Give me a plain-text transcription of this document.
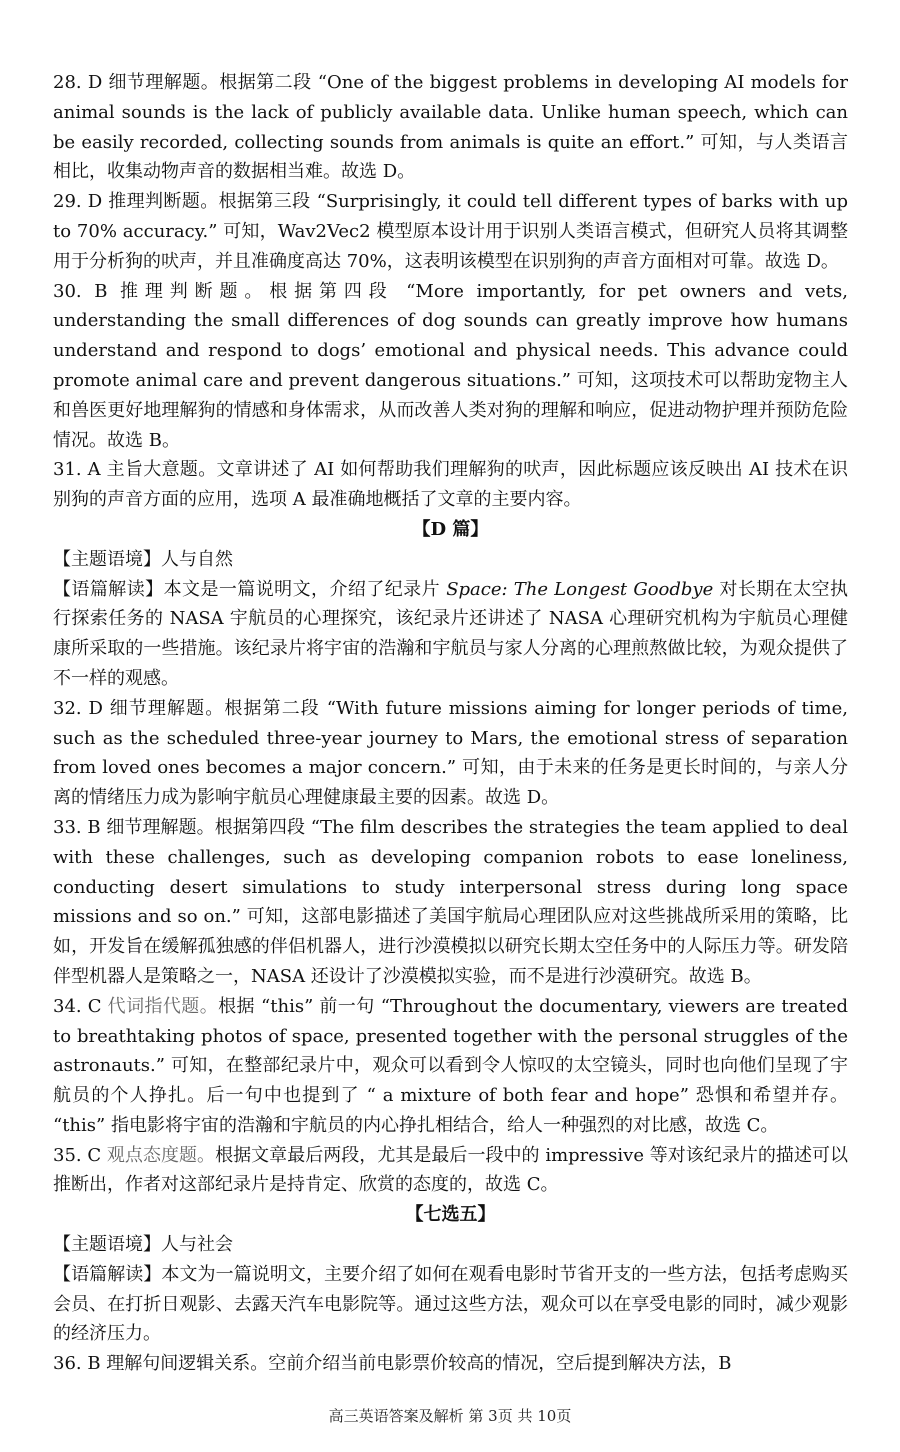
28. D 细节理解题。根据第二段 “One of the biggest problems in developing AI models for animal sounds is the lack of publicly available data. Unlike human speech, which can be easily recorded, collecting sounds from animals is quite an effort.” 可知，与人类语言相比，收集动物声音的数据相当难。故选 D。

29. D 推理判断题。根据第三段 “Surprisingly, it could tell different types of barks with up to 70% accuracy.” 可知，Wav2Vec2 模型原本设计用于识别人类语言模式，但研究人员将其调整用于分析狗的吠声，并且准确度高达 70%，这表明该模型在识别狗的声音方面相对可靠。故选 D。

30. B 推理判断题。根据第四段 “More importantly, for pet owners and vets, understanding the small differences of dog sounds can greatly improve how humans understand and respond to dogs’ emotional and physical needs. This advance could promote animal care and prevent dangerous situations.” 可知，这项技术可以帮助宠物主人和兽医更好地理解狗的情感和身体需求，从而改善人类对狗的理解和响应，促进动物护理并预防危险情况。故选 B。

31. A 主旨大意题。文章讲述了 AI 如何帮助我们理解狗的吠声，因此标题应该反映出 AI 技术在识别狗的声音方面的应用，选项 A 最准确地概括了文章的主要内容。

【D 篇】

【主题语境】人与自然

【语篇解读】本文是一篇说明文，介绍了纪录片 Space: The Longest Goodbye 对长期在太空执行探索任务的 NASA 宇航员的心理探究，该纪录片还讲述了 NASA 心理研究机构为宇航员心理健康所采取的一些措施。该纪录片将宇宙的浩瀚和宇航员与家人分离的心理煎熬做比较，为观众提供了不一样的观感。

32. D 细节理解题。根据第二段 “With future missions aiming for longer periods of time, such as the scheduled three-year journey to Mars, the emotional stress of separation from loved ones becomes a major concern.” 可知，由于未来的任务是更长时间的，与亲人分离的情绪压力成为影响宇航员心理健康最主要的因素。故选 D。

33. B 细节理解题。根据第四段 “The film describes the strategies the team applied to deal with these challenges, such as developing companion robots to ease loneliness, conducting desert simulations to study interpersonal stress during long space missions and so on.” 可知，这部电影描述了美国宇航局心理团队应对这些挑战所采用的策略，比如，开发旨在缓解孤独感的伴侣机器人，进行沙漠模拟以研究长期太空任务中的人际压力等。研发陪伴型机器人是策略之一，NASA 还设计了沙漠模拟实验，而不是进行沙漠研究。故选 B。

34. C 代词指代题。根据 “this” 前一句 “Throughout the documentary, viewers are treated to breathtaking photos of space, presented together with the personal struggles of the astronauts.” 可知，在整部纪录片中，观众可以看到令人惊叹的太空镜头，同时也向他们呈现了宇航员的个人挣扎。后一句中也提到了 “ a mixture of both fear and hope” 恐惧和希望并存。 “this” 指电影将宇宙的浩瀚和宇航员的内心挣扎相结合，给人一种强烈的对比感，故选 C。

35. C 观点态度题。根据文章最后两段，尤其是最后一段中的 impressive 等对该纪录片的描述可以推断出，作者对这部纪录片是持肯定、欣赏的态度的，故选 C。

【七选五】

【主题语境】人与社会

【语篇解读】本文为一篇说明文，主要介绍了如何在观看电影时节省开支的一些方法，包括考虑购买会员、在打折日观影、去露天汽车电影院等。通过这些方法，观众可以在享受电影的同时，减少观影的经济压力。

36. B 理解句间逻辑关系。空前介绍当前电影票价较高的情况，空后提到解决方法，B

高三英语答案及解析 第 3页 共 10页
